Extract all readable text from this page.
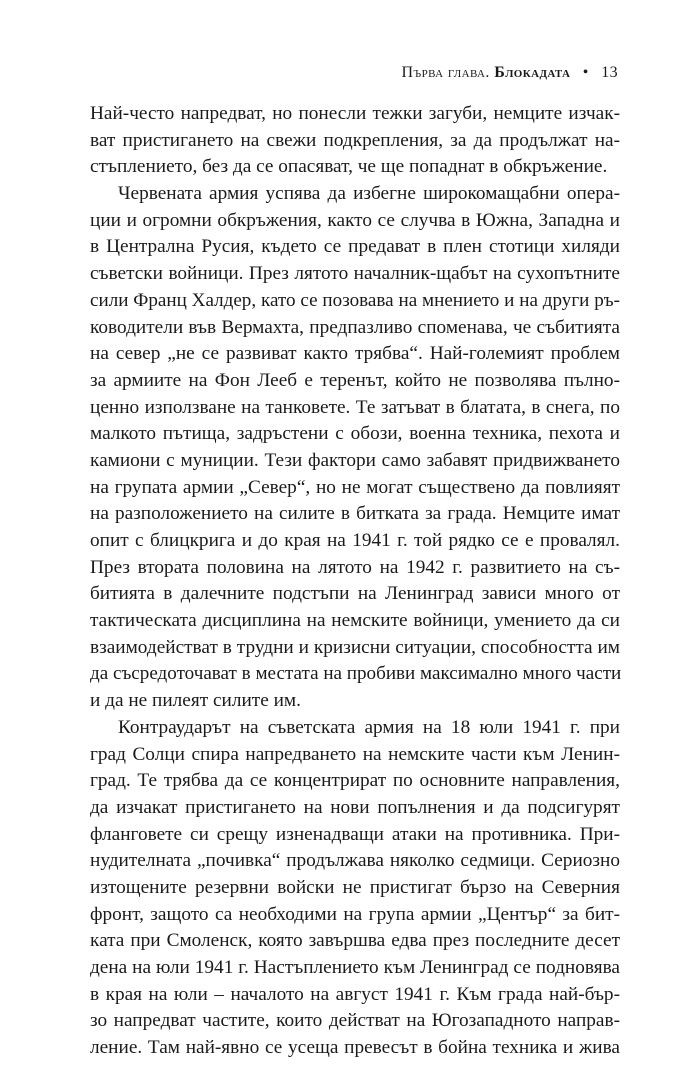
Първа глава. Блокадата • 13
Най-често напредват, но понесли тежки загуби, немците изчак-
ват пристигането на свежи подкрепления, за да продължат на-
стъплението, без да се опасяват, че ще попаднат в обкръжение.
Червената армия успява да избегне широкомащабни опера-
ции и огромни обкръжения, както се случва в Южна, Западна и
в Централна Русия, където се предават в плен стотици хиляди
съветски войници. През лятото началник-щабът на сухопътните
сили Франц Халдер, като се позовава на мнението и на други ръ-
ководители във Вермахта, предпазливо споменава, че събитията
на север „не се развиват както трябва“. Най-големият проблем
за армиите на Фон Лееб е теренът, който не позволява пълно-
ценно използване на танковете. Те затъват в блатата, в снега, по
малкото пътища, задръстени с обози, военна техника, пехота и
камиони с муниции. Тези фактори само забавят придвижването
на групата армии „Север“, но не могат съществено да повлияят
на разположението на силите в битката за града. Немците имат
опит с блицкрига и до края на 1941 г. той рядко се е провалял.
През втората половина на лятото на 1942 г. развитието на съ-
битията в далечните подстъпи на Ленинград зависи много от
тактическата дисциплина на немските войници, умението да си
взаимодействат в трудни и кризисни ситуации, способността им
да съсредоточават в местата на пробиви максимално много части
и да не пилеят силите им.
Контраударът на съветската армия на 18 юли 1941 г. при
град Солци спира напредването на немските части към Ленин-
град. Те трябва да се концентрират по основните направления,
да изчакат пристигането на нови попълнения и да подсигурят
фланговете си срещу изненадващи атаки на противника. При-
нудителната „почивка“ продължава няколко седмици. Сериозно
изтощените резервни войски не пристигат бързо на Северния
фронт, защото са необходими на група армии „Център“ за бит-
ката при Смоленск, която завършва едва през последните десет
дена на юли 1941 г. Настъплението към Ленинград се подновява
в края на юли – началото на август 1941 г. Към града най-бър-
зо напредват частите, които действат на Югозападното направ-
ление. Там най-явно се усеща превесът в бойна техника и жива
